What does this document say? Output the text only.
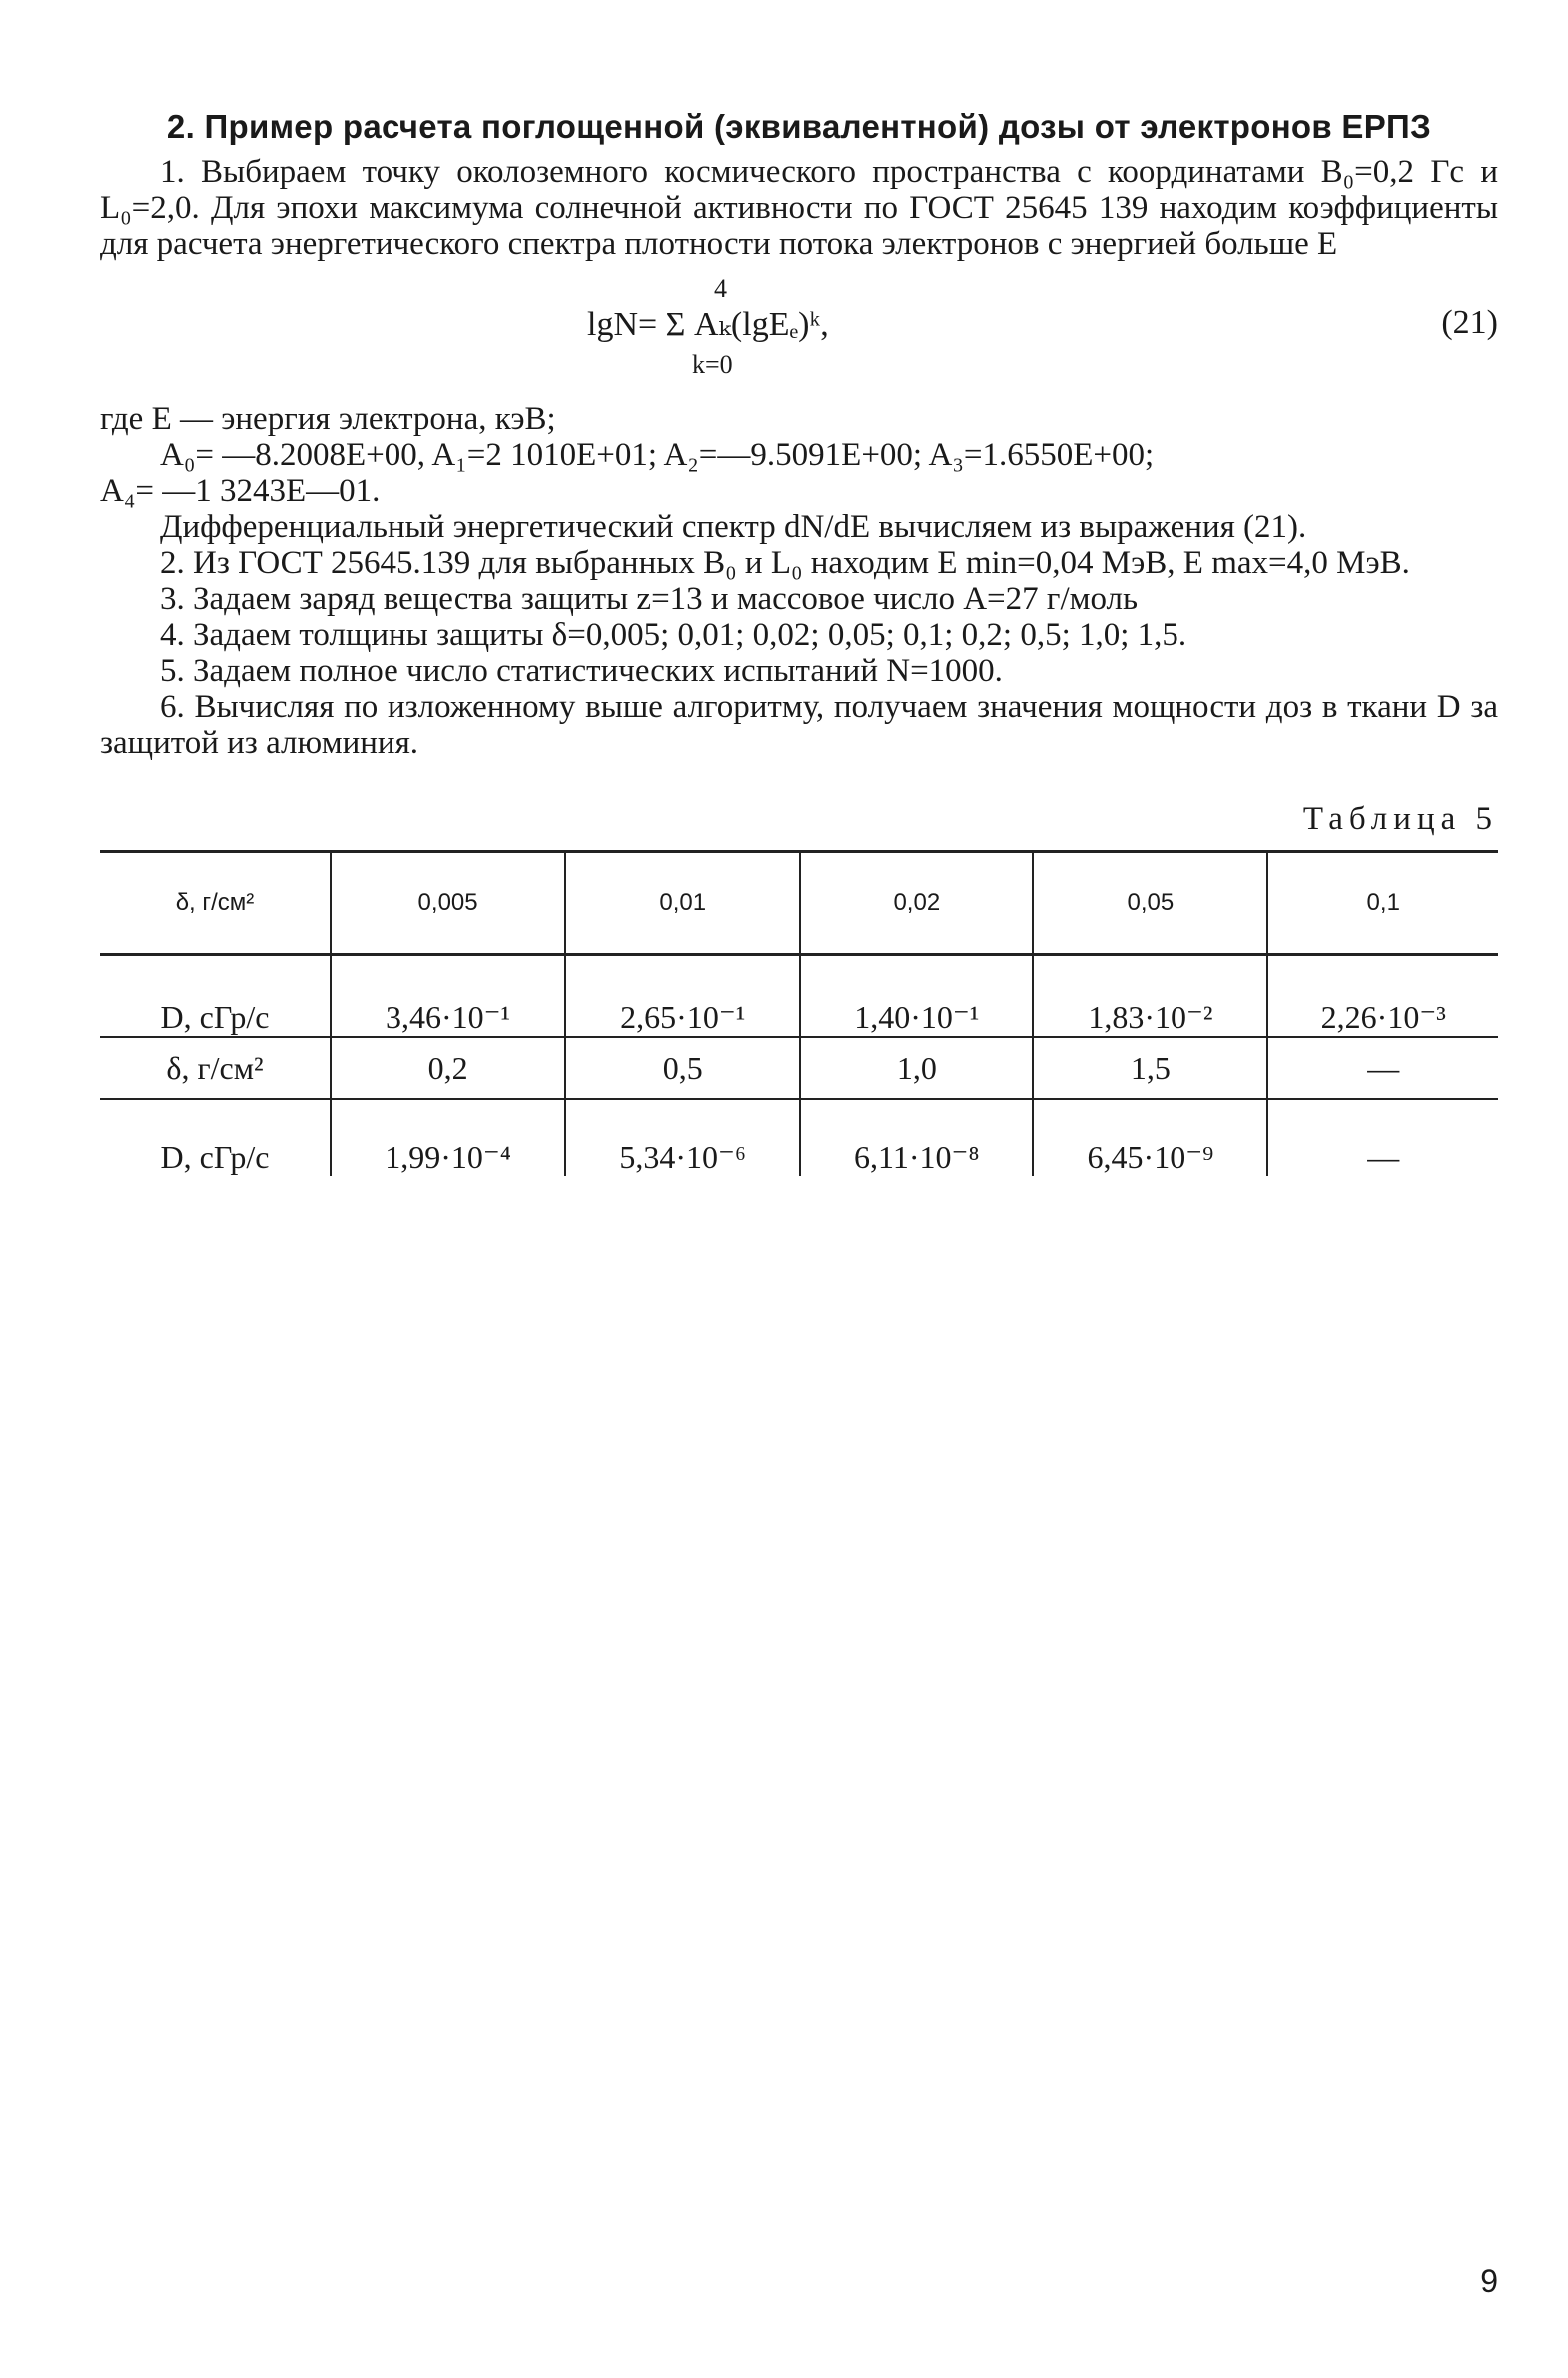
2. Пример расчета поглощенной (эквивалентной) дозы от электронов ЕРПЗ

1. Выбираем точку околоземного космического пространства с координатами B₀=0,2 Гс и L₀=2,0. Для эпохи максимума солнечной активности по ГОСТ 25645 139 находим коэффициенты для расчета энергетического спектра плотности потока электронов с энергией больше E

4
lgN= Σ Aₖ(lgEₑ)ᵏ,
k=0
(21)

где E — энергия электрона, кэВ;

A₀= —8.2008E+00, A₁=2 1010E+01; A₂=—9.5091E+00; A₃=1.6550E+00;

A₄= —1 3243E—01.

Дифференциальный энергетический спектр dN/dE вычисляем из выражения (21).

2. Из ГОСТ 25645.139 для выбранных B₀ и L₀ находим E min=0,04 МэВ, E max=4,0 МэВ.

3. Задаем заряд вещества защиты z=13 и массовое число A=27 г/моль

4. Задаем толщины защиты δ=0,005; 0,01; 0,02; 0,05; 0,1; 0,2; 0,5; 1,0; 1,5.

5. Задаем полное число статистических испытаний N=1000.

6. Вычисляя по изложенному выше алгоритму, получаем значения мощности доз в ткани D за защитой из алюминия.

Таблица 5
δ, г/см²	0,005	0,01	0,02	0,05	0,1
D, сГр/с	3,46·10⁻¹	2,65·10⁻¹	1,40·10⁻¹	1,83·10⁻²	2,26·10⁻³
δ, г/см²	0,2	0,5	1,0	1,5	—
D, сГр/с	1,99·10⁻⁴	5,34·10⁻⁶	6,11·10⁻⁸	6,45·10⁻⁹	—
9
